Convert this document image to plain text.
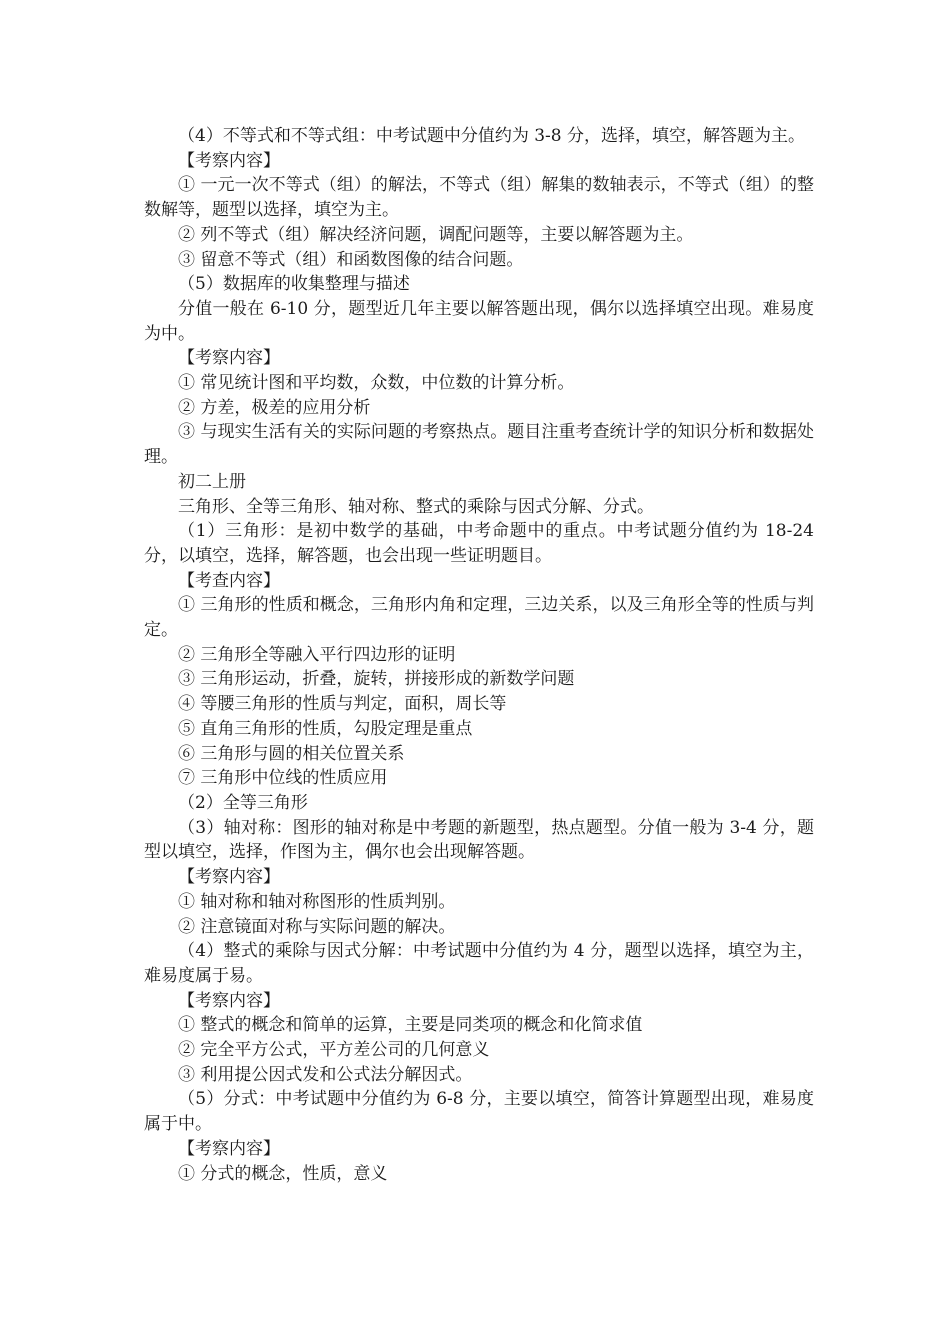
（4）不等式和不等式组：中考试题中分值约为 3-8 分，选择，填空，解答题为主。

【考察内容】

① 一元一次不等式（组）的解法，不等式（组）解集的数轴表示，不等式（组）的整数解等，题型以选择，填空为主。

② 列不等式（组）解决经济问题，调配问题等，主要以解答题为主。

③ 留意不等式（组）和函数图像的结合问题。

（5）数据库的收集整理与描述

分值一般在 6-10 分，题型近几年主要以解答题出现，偶尔以选择填空出现。难易度为中。

【考察内容】

① 常见统计图和平均数，众数，中位数的计算分析。

② 方差，极差的应用分析

③ 与现实生活有关的实际问题的考察热点。题目注重考查统计学的知识分析和数据处理。

初二上册

三角形、全等三角形、轴对称、整式的乘除与因式分解、分式。

（1）三角形：是初中数学的基础，中考命题中的重点。中考试题分值约为 18-24 分，以填空，选择，解答题，也会出现一些证明题目。

【考查内容】

① 三角形的性质和概念，三角形内角和定理，三边关系，以及三角形全等的性质与判定。

② 三角形全等融入平行四边形的证明

③ 三角形运动，折叠，旋转，拼接形成的新数学问题

④ 等腰三角形的性质与判定，面积，周长等

⑤ 直角三角形的性质，勾股定理是重点

⑥ 三角形与圆的相关位置关系

⑦ 三角形中位线的性质应用

（2）全等三角形

（3）轴对称：图形的轴对称是中考题的新题型，热点题型。分值一般为 3-4 分，题型以填空，选择，作图为主，偶尔也会出现解答题。

【考察内容】

① 轴对称和轴对称图形的性质判别。

② 注意镜面对称与实际问题的解决。

（4）整式的乘除与因式分解：中考试题中分值约为 4 分，题型以选择，填空为主，难易度属于易。

【考察内容】

① 整式的概念和简单的运算，主要是同类项的概念和化简求值

② 完全平方公式，平方差公司的几何意义

③ 利用提公因式发和公式法分解因式。

（5）分式：中考试题中分值约为 6-8 分，主要以填空，简答计算题型出现，难易度属于中。

【考察内容】

① 分式的概念，性质，意义
